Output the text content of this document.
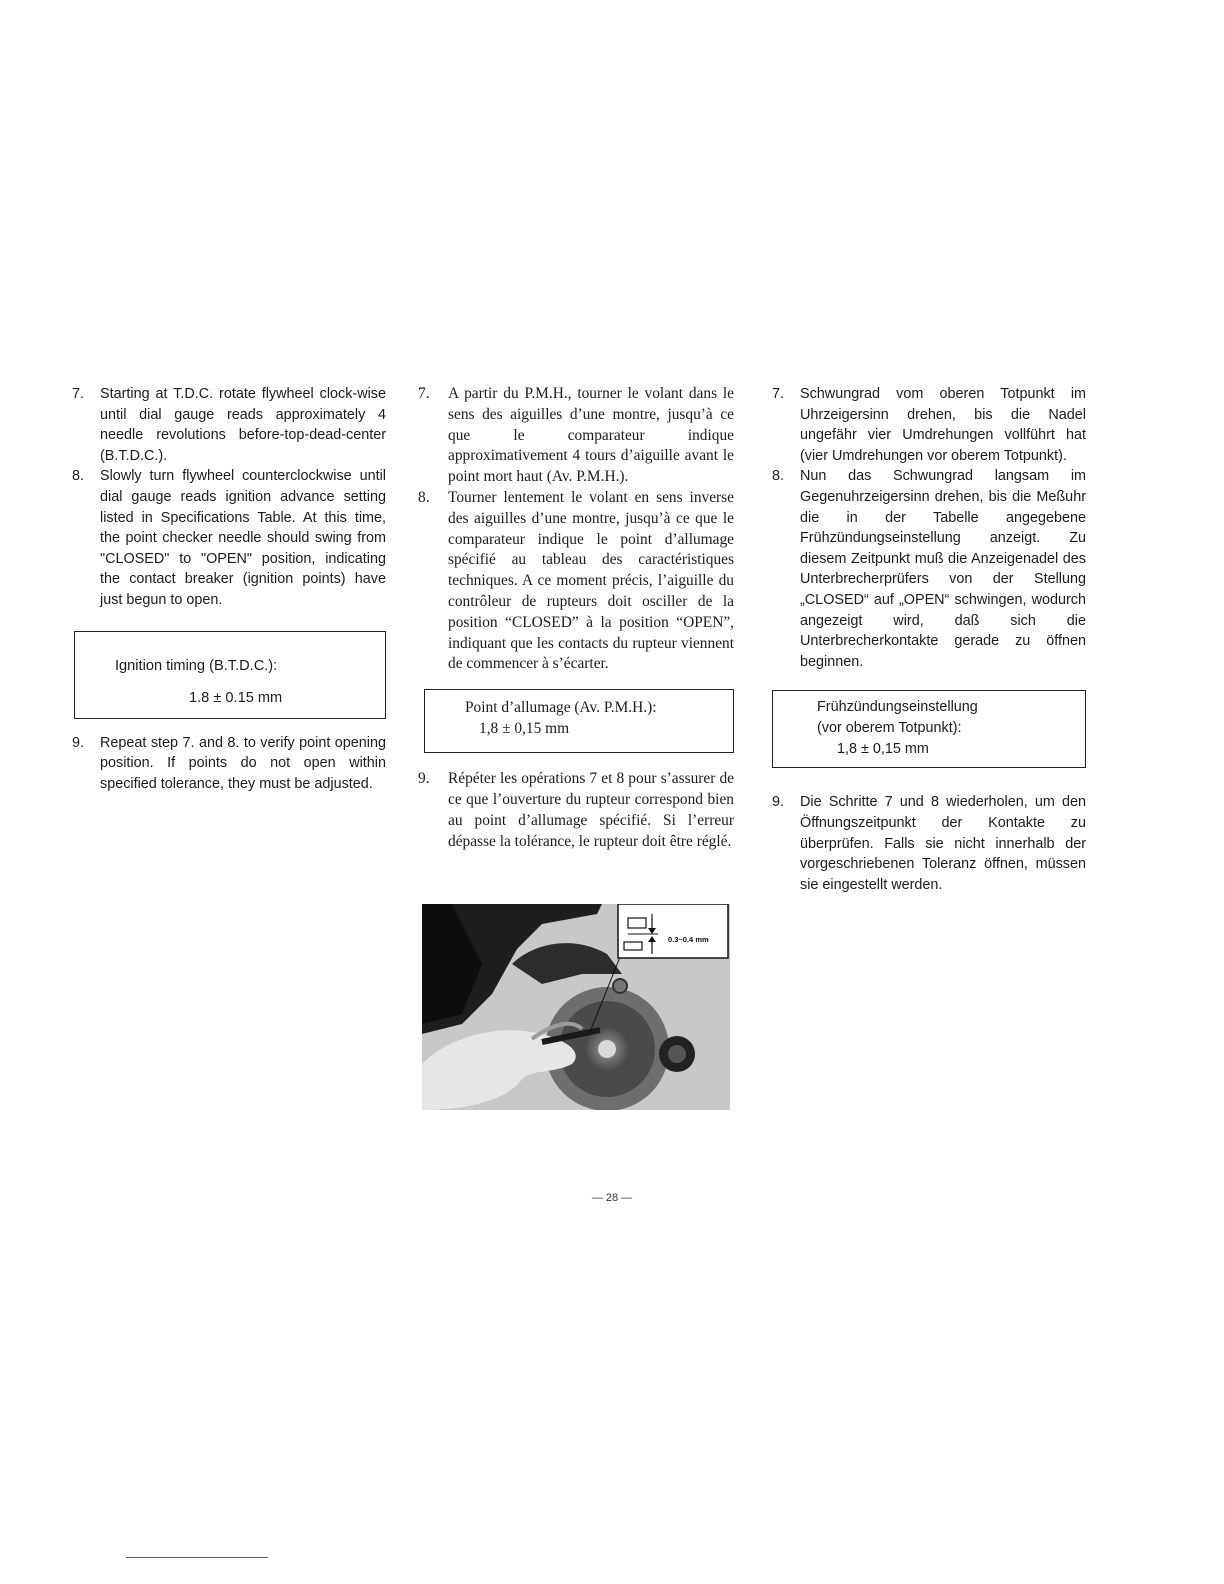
7. Starting at T.D.C. rotate flywheel clock-wise until dial gauge reads approximately 4 needle revolutions before-top-dead-center (B.T.D.C.).

8. Slowly turn flywheel counterclockwise until dial gauge reads ignition advance setting listed in Specifications Table. At this time, the point checker needle should swing from "CLOSED" to "OPEN" position, indicating the contact breaker (ignition points) have just begun to open.

Ignition timing (B.T.D.C.):
1.8 ± 0.15 mm

9. Repeat step 7. and 8. to verify point opening position. If points do not open within specified tolerance, they must be adjusted.

7. A partir du P.M.H., tourner le volant dans le sens des aiguilles d’une montre, jusqu’à ce que le comparateur indique approximativement 4 tours d’aiguille avant le point mort haut (Av. P.M.H.).

8. Tourner lentement le volant en sens inverse des aiguilles d’une montre, jusqu’à ce que le comparateur indique le point d’allumage spécifié au tableau des caractéristiques techniques. A ce moment précis, l’aiguille du contrôleur de rupteurs doit osciller de la position “CLOSED” à la position “OPEN”, indiquant que les contacts du rupteur viennent de commencer à s’écarter.

Point d’allumage (Av. P.M.H.):
1,8 ± 0,15 mm

9. Répéter les opérations 7 et 8 pour s’assurer de ce que l’ouverture du rupteur correspond bien au point d’allumage spécifié. Si l’erreur dépasse la tolérance, le rupteur doit être réglé.

0.3~0.4 mm

7. Schwungrad vom oberen Totpunkt im Uhrzeigersinn drehen, bis die Nadel ungefähr vier Umdrehungen vollführt hat (vier Umdrehungen vor oberem Totpunkt).

8. Nun das Schwungrad langsam im Gegenuhrzeigersinn drehen, bis die Meßuhr die in der Tabelle angegebene Frühzündungseinstellung anzeigt. Zu diesem Zeitpunkt muß die Anzeigenadel des Unterbrecherprüfers von der Stellung „CLOSED“ auf „OPEN“ schwingen, wodurch angezeigt wird, daß sich die Unterbrecherkontakte gerade zu öffnen beginnen.

Frühzündungseinstellung
(vor oberem Totpunkt):
1,8 ± 0,15 mm

9. Die Schritte 7 und 8 wiederholen, um den Öffnungszeitpunkt der Kontakte zu überprüfen. Falls sie nicht innerhalb der vorgeschriebenen Toleranz öffnen, müssen sie eingestellt werden.

— 28 —
